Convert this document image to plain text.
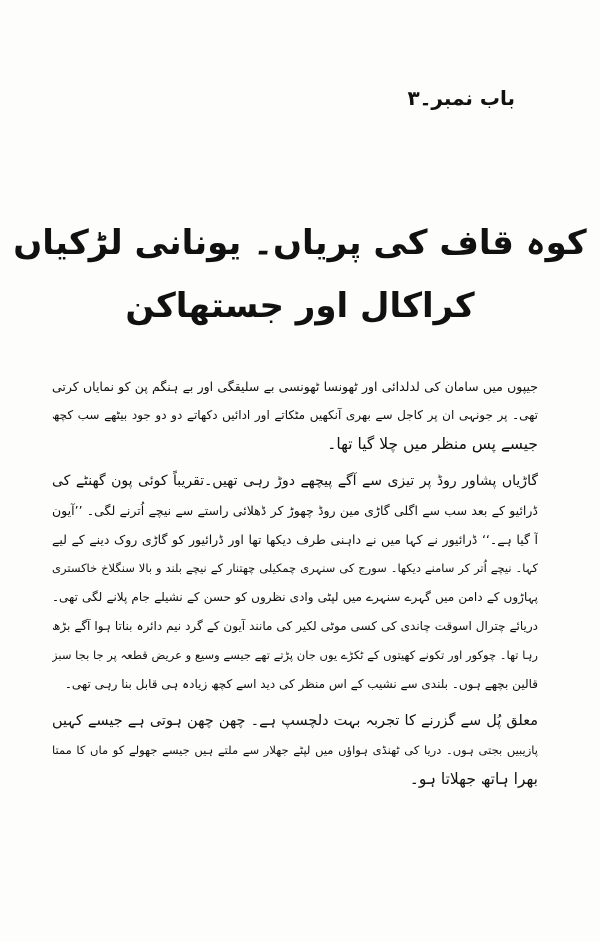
باب نمبر۔۳
کوہ قاف کی پریاں۔ یونانی لڑکیاں
کراکال اور جستھاکن
جیپوں میں سامان کی لدلدائی اور ٹھونسا ٹھونسی بے سلیقگی اور بے ہنگم پن کو نمایاں کرتی
تھی۔ پر جونہی ان پر کاجل سے بھری آنکھیں مٹکاتے اور ادائیں دکھاتے دو دو جود بیٹھے سب کچھ
جیسے پس منظر میں چلا گیا تھا۔
گاڑیاں پشاور روڈ پر تیزی سے آگے پیچھے دوڑ رہی تھیں۔تقریباً کوئی پون گھنٹے کی
ڈرائیو کے بعد سب سے اگلی گاڑی مین روڈ چھوڑ کر ڈھلائی راستے سے نیچے اُترنے لگی۔ ’’آیون
آ گیا ہے۔‘‘ ڈرائیور نے کہا میں نے داہنی طرف دیکھا تھا اور ڈرائیور کو گاڑی روک دینے کے لیے
کہا۔ نیچے اُتر کر سامنے دیکھا۔ سورج کی سنہری چمکیلی چھتنار کے نیچے بلند و بالا سنگلاخ خاکستری
پہاڑوں کے دامن میں گہرے سنہرے میں لپٹی وادی نظروں کو حسن کے نشیلے جام پلانے لگی تھی۔
دریائے چترال اسوقت چاندی کی کسی موٹی لکیر کی مانند آیون کے گرد نیم دائرہ بناتا ہوا آگے بڑھ
رہا تھا۔ چوکور اور تکونے کھیتوں کے ٹکڑے یوں جان پڑتے تھے جیسے وسیع و عریض قطعہ پر جا بجا سبز
قالین بچھے ہوں۔ بلندی سے نشیب کے اس منظر کی دید اسے کچھ زیادہ ہی قابل بنا رہی تھی۔
معلق پُل سے گزرنے کا تجربہ بہت دلچسپ ہے۔ چھن چھن ہوتی ہے جیسے کہیں
پازیبیں بجتی ہوں۔ دریا کی ٹھنڈی ہواؤں میں لپٹے جھلار سے ملتے ہیں جیسے جھولے کو ماں کا ممتا
بھرا ہاتھ جھلاتا ہو۔
